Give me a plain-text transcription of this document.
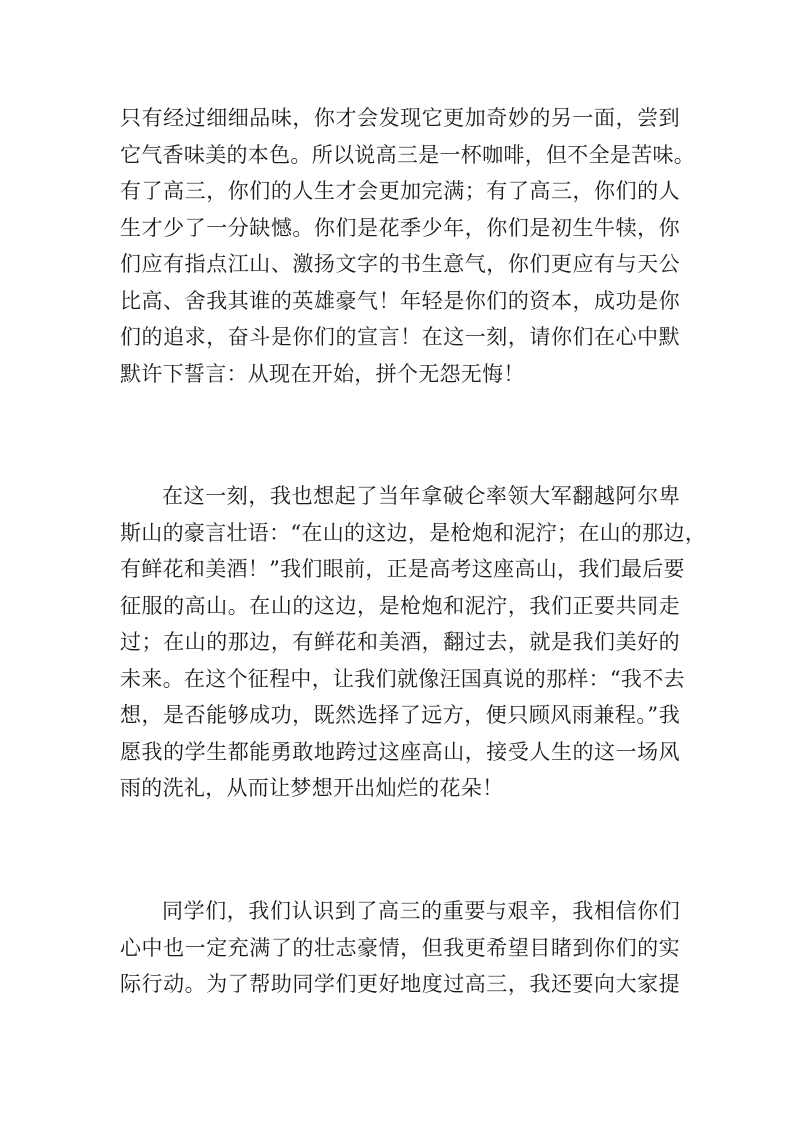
只有经过细细品味，你才会发现它更加奇妙的另一面，尝到
它气香味美的本色。所以说高三是一杯咖啡，但不全是苦味。
有了高三，你们的人生才会更加完满；有了高三，你们的人
生才少了一分缺憾。你们是花季少年，你们是初生牛犊，你
们应有指点江山、激扬文字的书生意气，你们更应有与天公
比高、舍我其谁的英雄豪气！年轻是你们的资本，成功是你
们的追求，奋斗是你们的宣言！在这一刻，请你们在心中默
默许下誓言：从现在开始，拼个无怨无悔！
在这一刻，我也想起了当年拿破仑率领大军翻越阿尔卑
斯山的豪言壮语：“在山的这边，是枪炮和泥泞；在山的那边，
有鲜花和美酒！”我们眼前，正是高考这座高山，我们最后要
征服的高山。在山的这边，是枪炮和泥泞，我们正要共同走
过；在山的那边，有鲜花和美酒，翻过去，就是我们美好的
未来。在这个征程中，让我们就像汪国真说的那样：“我不去
想，是否能够成功，既然选择了远方，便只顾风雨兼程。”我
愿我的学生都能勇敢地跨过这座高山，接受人生的这一场风
雨的洗礼，从而让梦想开出灿烂的花朵！
同学们，我们认识到了高三的重要与艰辛，我相信你们
心中也一定充满了的壮志豪情，但我更希望目睹到你们的实
际行动。为了帮助同学们更好地度过高三，我还要向大家提
